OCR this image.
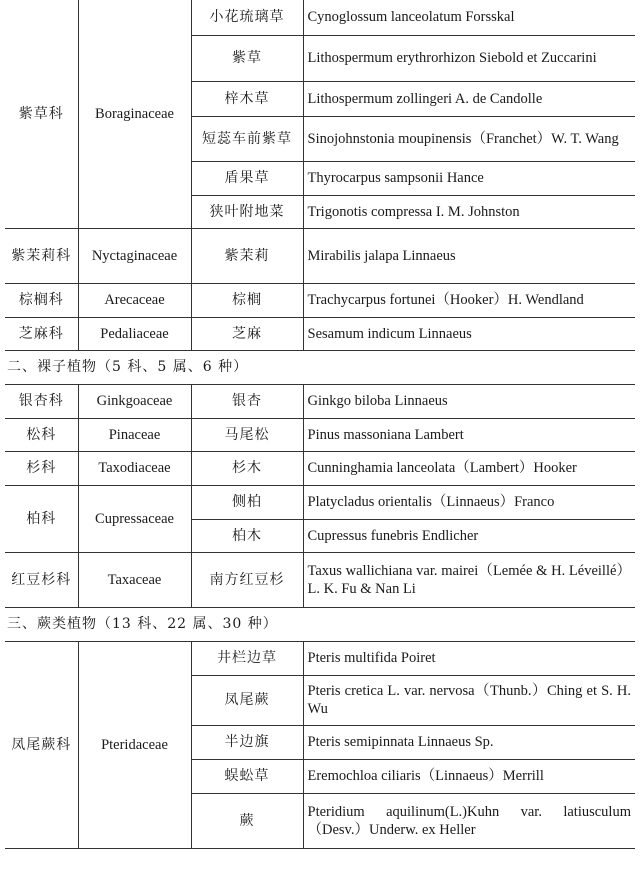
紫草科	Boraginaceae	小花琉璃草	Cynoglossum lanceolatum Forsskal
		紫草	Lithospermum erythrorhizon Siebold et Zuccarini
		梓木草	Lithospermum zollingeri A. de Candolle
		短蕊车前紫草	Sinojohnstonia moupinensis（Franchet）W. T. Wang
		盾果草	Thyrocarpus sampsonii Hance
		狭叶附地菜	Trigonotis compressa I. M. Johnston
紫茉莉科	Nyctaginaceae	紫茉莉	Mirabilis jalapa Linnaeus
棕榈科	Arecaceae	棕榈	Trachycarpus fortunei（Hooker）H. Wendland
芝麻科	Pedaliaceae	芝麻	Sesamum indicum Linnaeus
二、裸子植物（5 科、5 属、6 种）			
银杏科	Ginkgoaceae	银杏	Ginkgo biloba Linnaeus
松科	Pinaceae	马尾松	Pinus massoniana Lambert
杉科	Taxodiaceae	杉木	Cunninghamia lanceolata（Lambert）Hooker
柏科	Cupressaceae	侧柏	Platycladus orientalis（Linnaeus）Franco
		柏木	Cupressus funebris Endlicher
红豆杉科	Taxaceae	南方红豆杉	Taxus wallichiana var. mairei（Lemée & H. Léveillé）L. K. Fu & Nan Li
三、蕨类植物（13 科、22 属、30 种）			
凤尾蕨科	Pteridaceae	井栏边草	Pteris multifida Poiret
		凤尾蕨	Pteris cretica L. var. nervosa（Thunb.）Ching et S. H. Wu
		半边旗	Pteris semipinnata Linnaeus Sp.
		蜈蚣草	Eremochloa ciliaris（Linnaeus）Merrill
		蕨	Pteridium aquilinum(L.)Kuhn var. latiusculum（Desv.）Underw. ex Heller
